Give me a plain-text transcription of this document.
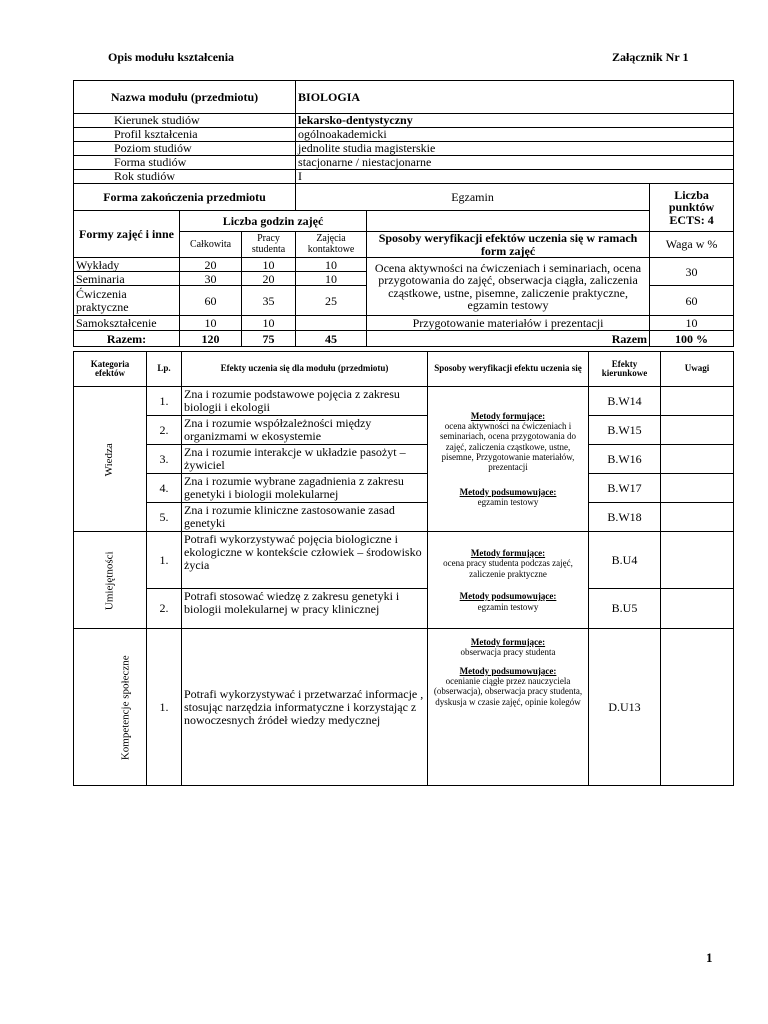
Opis modułu kształcenia	Załącznik Nr 1
Nazwa modułu (przedmiotu)			BIOLOGIA			
Kierunek studiów			lekarsko-dentystyczny			
Profil kształcenia			ogólnoakademicki			
Poziom studiów			jednolite studia magisterskie			
Forma studiów			stacjonarne / niestacjonarne			
Rok studiów			I			
Forma zakończenia przedmiotu			Egzamin		Liczba punktów ECTS: 4	
Formy zajęć i inne	Liczba godzin zajęć					
	Całkowita	Pracy studenta	Zajęcia kontaktowe	Sposoby weryfikacji efektów uczenia się w ramach form zajęć	Waga w %	
Wykłady	20	10	10	Ocena aktywności na ćwiczeniach i seminariach, ocena przygotowania do zajęć, obserwacja ciągła, zaliczenia cząstkowe, ustne, pisemne, zaliczenie praktyczne, egzamin testowy	30	
Seminaria	30	20	10			
Ćwiczenia praktyczne	60	35	25		60	
Samokształcenie	10	10		Przygotowanie materiałów i prezentacji	10	
Razem:	120	75	45	Razem	100 %	
Kategoria efektów	Lp.	Efekty uczenia się dla modułu (przedmiotu)	Sposoby weryfikacji efektu uczenia się	Efekty kierunkowe	Uwagi
Wiedza	1.	Zna i rozumie podstawowe pojęcia z zakresu biologii i ekologii	Metody formujące:
ocena aktywności na ćwiczeniach i seminariach, ocena przygotowania do zajęć, zaliczenia cząstkowe, ustne, pisemne, Przygotowanie materiałów, prezentacji
Metody podsumowujące:
egzamin testowy	B.W14	
	2.	Zna i rozumie współzależności między organizmami w ekosystemie		B.W15	
	3.	Zna i rozumie interakcje w układzie pasożyt – żywiciel		B.W16	
	4.	Zna i rozumie wybrane zagadnienia z zakresu genetyki i biologii molekularnej		B.W17	
	5.	Zna i rozumie kliniczne zastosowanie zasad genetyki		B.W18	
Umiejętności	1.	Potrafi wykorzystywać pojęcia biologiczne i ekologiczne w kontekście człowiek – środowisko życia	Metody formujące:
ocena pracy studenta podczas zajęć, zaliczenie praktyczne
Metody podsumowujące:
egzamin testowy	B.U4	
	2.	Potrafi stosować wiedzę z zakresu genetyki i biologii molekularnej w pracy klinicznej		B.U5	
Kompetencje społeczne	1.	Potrafi wykorzystywać i przetwarzać informacje , stosując narzędzia informatyczne i korzystając z nowoczesnych źródeł wiedzy medycznej	Metody formujące:
obserwacja pracy studenta
Metody podsumowujące:
ocenianie ciągłe przez nauczyciela (obserwacja), obserwacja pracy studenta, dyskusja w czasie zajęć, opinie kolegów	D.U13	
1
